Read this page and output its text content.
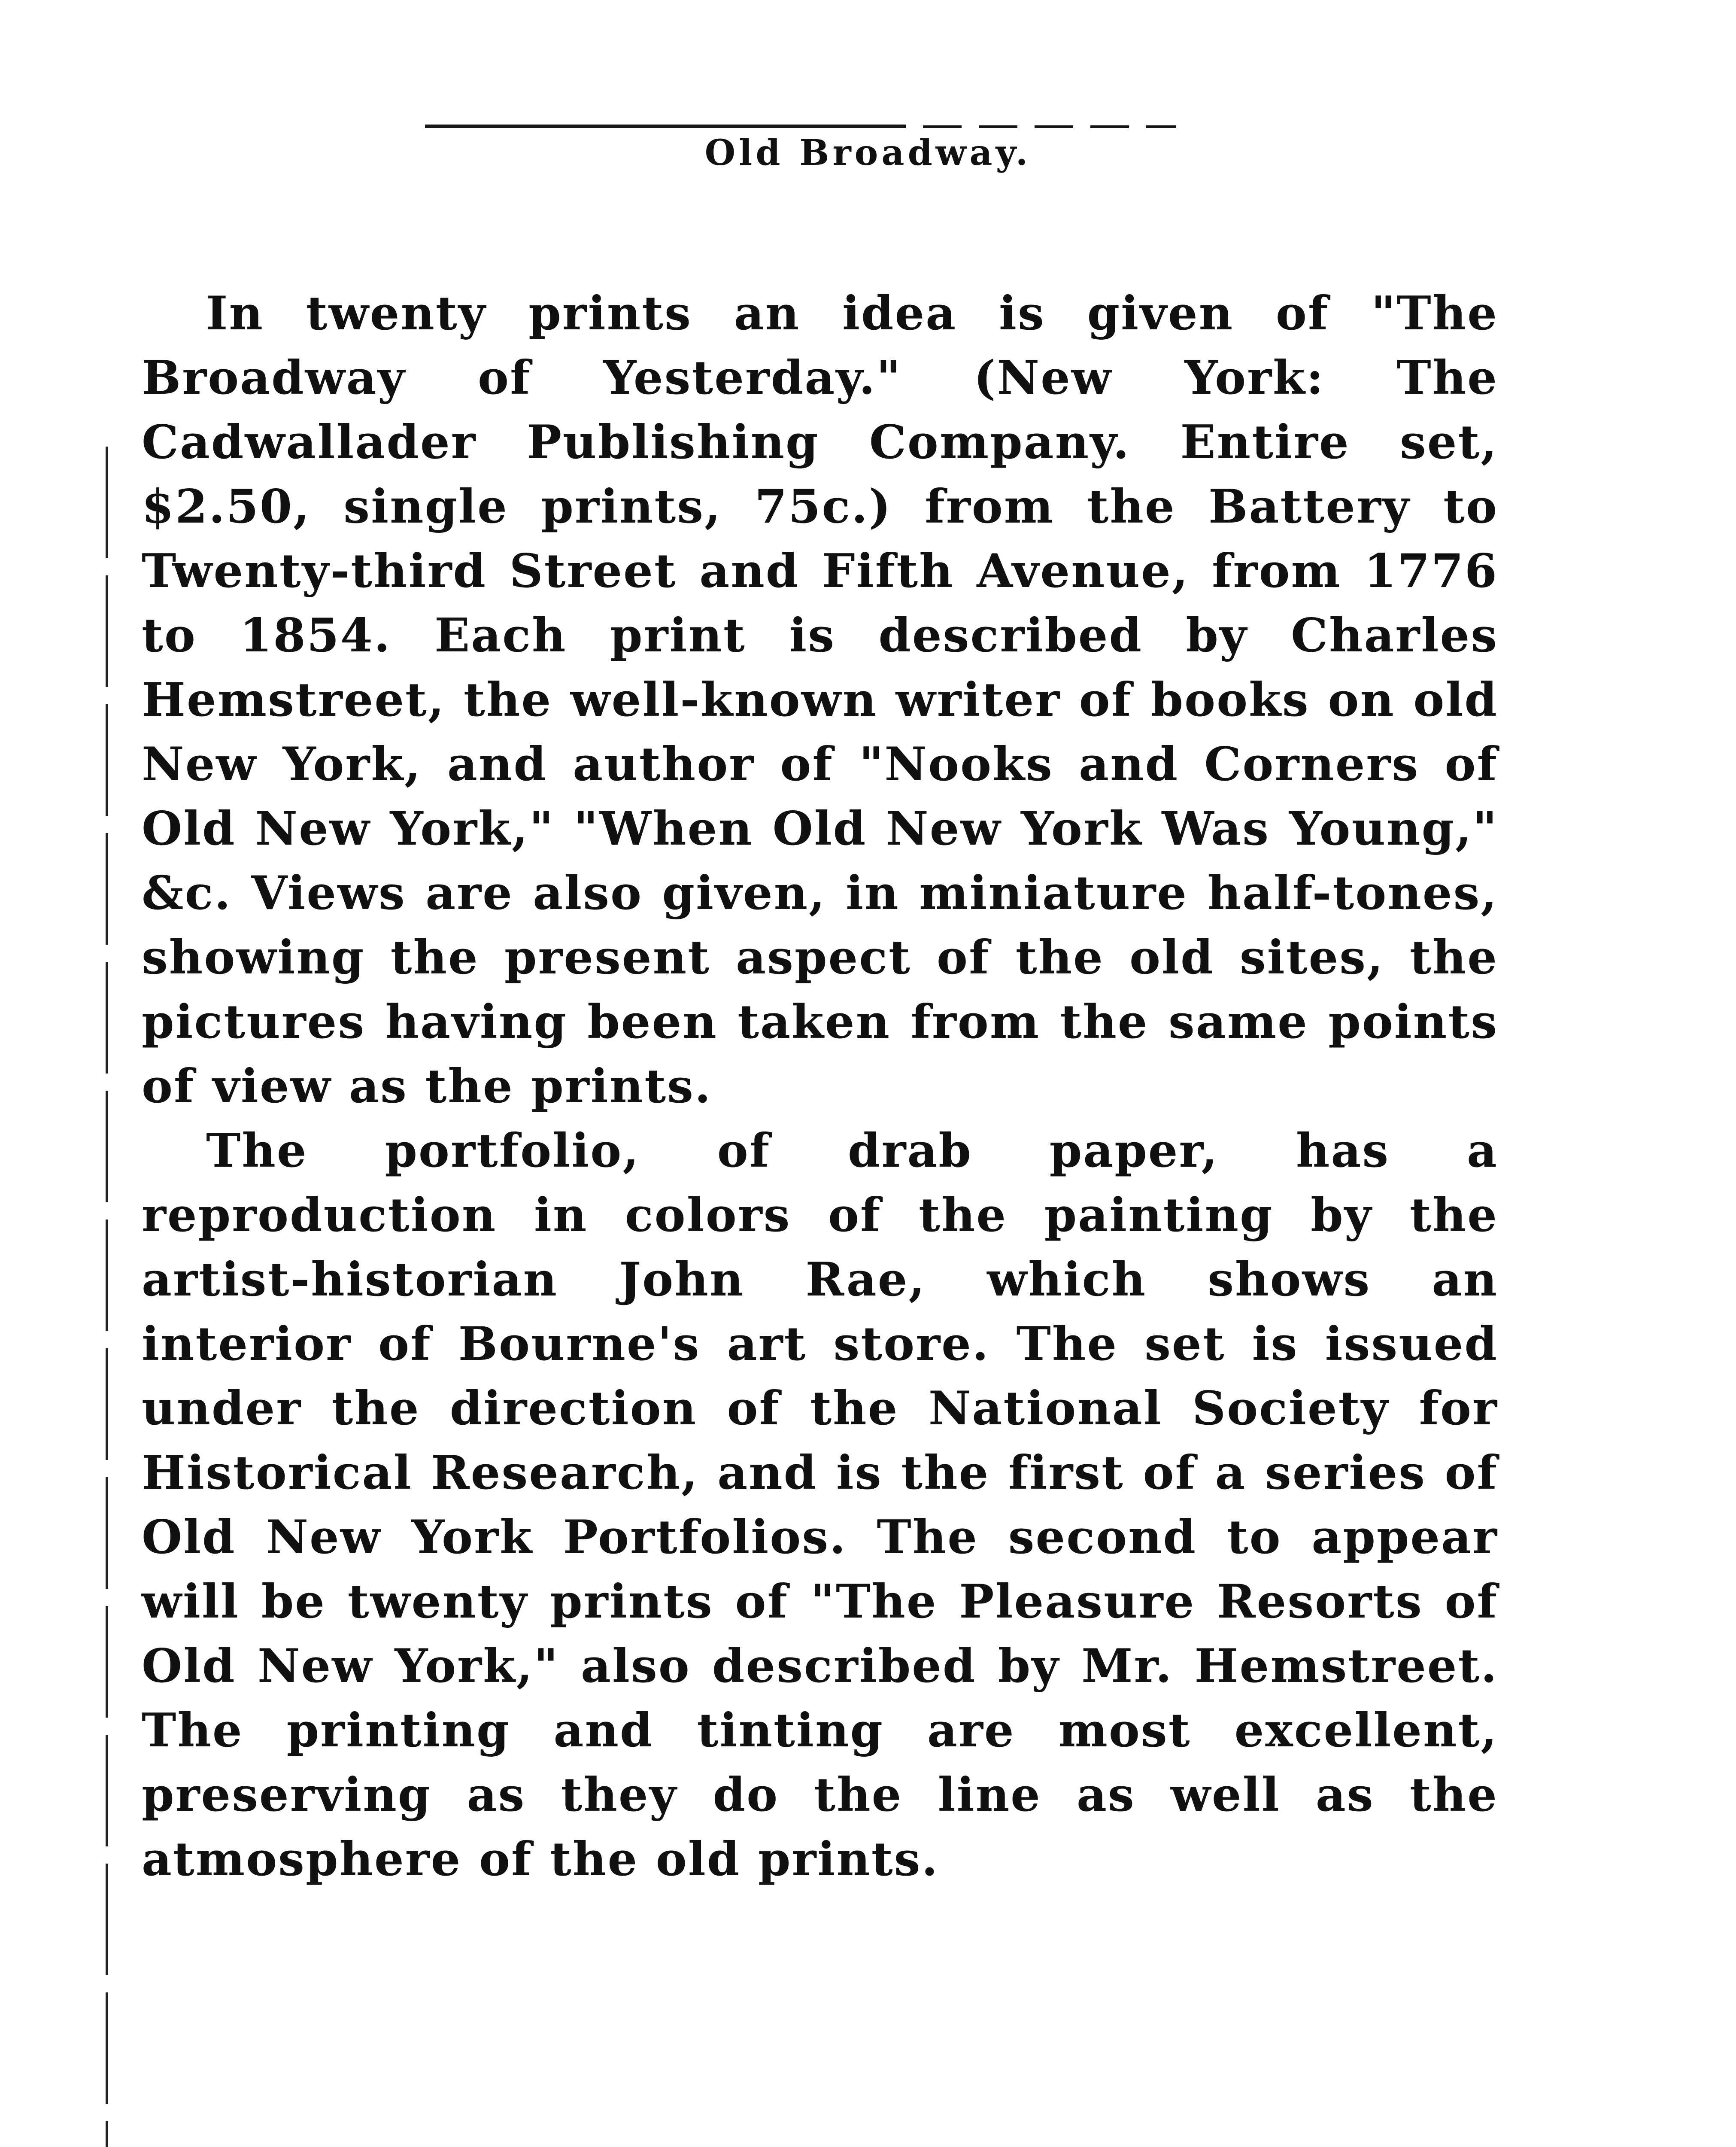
Old Broadway.

In twenty prints an idea is given of "The Broadway of Yesterday." (New York: The Cadwallader Publishing Company. Entire set, $2.50, single prints, 75c.) from the Battery to Twenty-third Street and Fifth Avenue, from 1776 to 1854. Each print is described by Charles Hemstreet, the well-known writer of books on old New York, and author of "Nooks and Corners of Old New York," "When Old New York Was Young," &c. Views are also given, in miniature half-tones, showing the present aspect of the old sites, the pictures having been taken from the same points of view as the prints.

The portfolio, of drab paper, has a reproduction in colors of the painting by the artist-historian John Rae, which shows an interior of Bourne's art store. The set is issued under the direction of the National Society for Historical Research, and is the first of a series of Old New York Portfolios. The second to appear will be twenty prints of "The Pleasure Resorts of Old New York," also described by Mr. Hemstreet. The printing and tinting are most excellent, preserving as they do the line as well as the atmosphere of the old prints.
